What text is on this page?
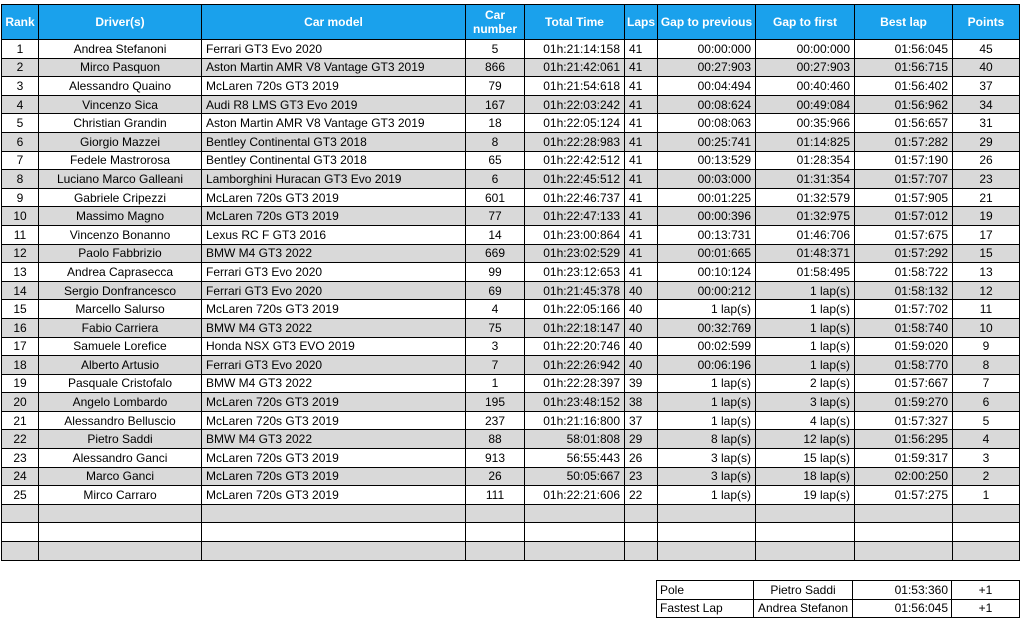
Rank	Driver(s)	Car model	Car number	Total Time	Laps	Gap to previous	Gap to first	Best lap	Points
1	Andrea Stefanoni	Ferrari GT3 Evo 2020	5	01h:21:14:158	41	00:00:000	00:00:000	01:56:045	45
2	Mirco Pasquon	Aston Martin AMR V8 Vantage GT3 2019	866	01h:21:42:061	41	00:27:903	00:27:903	01:56:715	40
3	Alessandro Quaino	McLaren 720s GT3 2019	79	01h:21:54:618	41	00:04:494	00:40:460	01:56:402	37
4	Vincenzo Sica	Audi R8 LMS GT3 Evo 2019	167	01h:22:03:242	41	00:08:624	00:49:084	01:56:962	34
5	Christian Grandin	Aston Martin AMR V8 Vantage GT3 2019	18	01h:22:05:124	41	00:08:063	00:35:966	01:56:657	31
6	Giorgio Mazzei	Bentley Continental GT3 2018	8	01h:22:28:983	41	00:25:741	01:14:825	01:57:282	29
7	Fedele Mastrorosa	Bentley Continental GT3 2018	65	01h:22:42:512	41	00:13:529	01:28:354	01:57:190	26
8	Luciano Marco Galleani	Lamborghini Huracan GT3 Evo 2019	6	01h:22:45:512	41	00:03:000	01:31:354	01:57:707	23
9	Gabriele Cripezzi	McLaren 720s GT3 2019	601	01h:22:46:737	41	00:01:225	01:32:579	01:57:905	21
10	Massimo Magno	McLaren 720s GT3 2019	77	01h:22:47:133	41	00:00:396	01:32:975	01:57:012	19
11	Vincenzo Bonanno	Lexus RC F GT3 2016	14	01h:23:00:864	41	00:13:731	01:46:706	01:57:675	17
12	Paolo Fabbrizio	BMW M4 GT3 2022	669	01h:23:02:529	41	00:01:665	01:48:371	01:57:292	15
13	Andrea Caprasecca	Ferrari GT3 Evo 2020	99	01h:23:12:653	41	00:10:124	01:58:495	01:58:722	13
14	Sergio Donfrancesco	Ferrari GT3 Evo 2020	69	01h:21:45:378	40	00:00:212	1 lap(s)	01:58:132	12
15	Marcello Salurso	McLaren 720s GT3 2019	4	01h:22:05:166	40	1 lap(s)	1 lap(s)	01:57:702	11
16	Fabio Carriera	BMW M4 GT3 2022	75	01h:22:18:147	40	00:32:769	1 lap(s)	01:58:740	10
17	Samuele Lorefice	Honda NSX GT3 EVO 2019	3	01h:22:20:746	40	00:02:599	1 lap(s)	01:59:020	9
18	Alberto Artusio	Ferrari GT3 Evo 2020	7	01h:22:26:942	40	00:06:196	1 lap(s)	01:58:770	8
19	Pasquale Cristofalo	BMW M4 GT3 2022	1	01h:22:28:397	39	1 lap(s)	2 lap(s)	01:57:667	7
20	Angelo Lombardo	McLaren 720s GT3 2019	195	01h:23:48:152	38	1 lap(s)	3 lap(s)	01:59:270	6
21	Alessandro Belluscio	McLaren 720s GT3 2019	237	01h:21:16:800	37	1 lap(s)	4 lap(s)	01:57:327	5
22	Pietro Saddi	BMW M4 GT3 2022	88	58:01:808	29	8 lap(s)	12 lap(s)	01:56:295	4
23	Alessandro Ganci	McLaren 720s GT3 2019	913	56:55:443	26	3 lap(s)	15 lap(s)	01:59:317	3
24	Marco Ganci	McLaren 720s GT3 2019	26	50:05:667	23	3 lap(s)	18 lap(s)	02:00:250	2
25	Mirco Carraro	McLaren 720s GT3 2019	111	01h:22:21:606	22	1 lap(s)	19 lap(s)	01:57:275	1

Pole	Pietro Saddi	01:53:360	+1
Fastest Lap	Andrea Stefanon	01:56:045	+1
